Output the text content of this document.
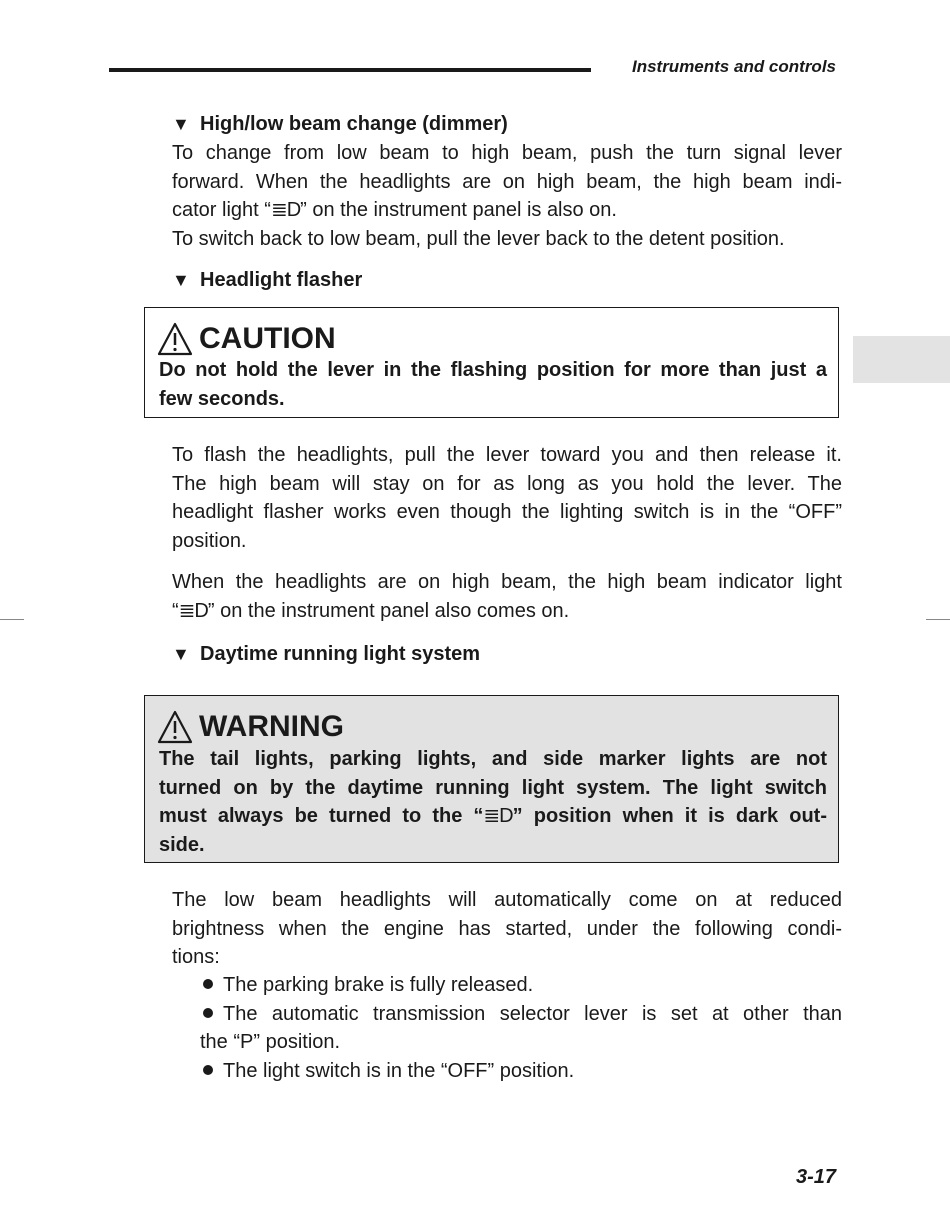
Instruments and controls
▼ High/low beam change (dimmer)
To change from low beam to high beam, push the turn signal lever
forward. When the headlights are on high beam, the high beam indi-
cator light “≣D” on the instrument panel is also on.
To switch back to low beam, pull the lever back to the detent position.
▼ Headlight flasher
CAUTION
Do not hold the lever in the flashing position for more than just a
few seconds.
To flash the headlights, pull the lever toward you and then release it.
The high beam will stay on for as long as you hold the lever. The
headlight flasher works even though the lighting switch is in the “OFF”
position.
When the headlights are on high beam, the high beam indicator light
“≣D” on the instrument panel also comes on.
▼ Daytime running light system
WARNING
The tail lights, parking lights, and side marker lights are not
turned on by the daytime running light system. The light switch
must always be turned to the “≣D” position when it is dark out-
side.
The low beam headlights will automatically come on at reduced
brightness when the engine has started, under the following condi-
tions:
The parking brake is fully released.
The automatic transmission selector lever is set at other than
the “P” position.
The light switch is in the “OFF” position.
3-17
